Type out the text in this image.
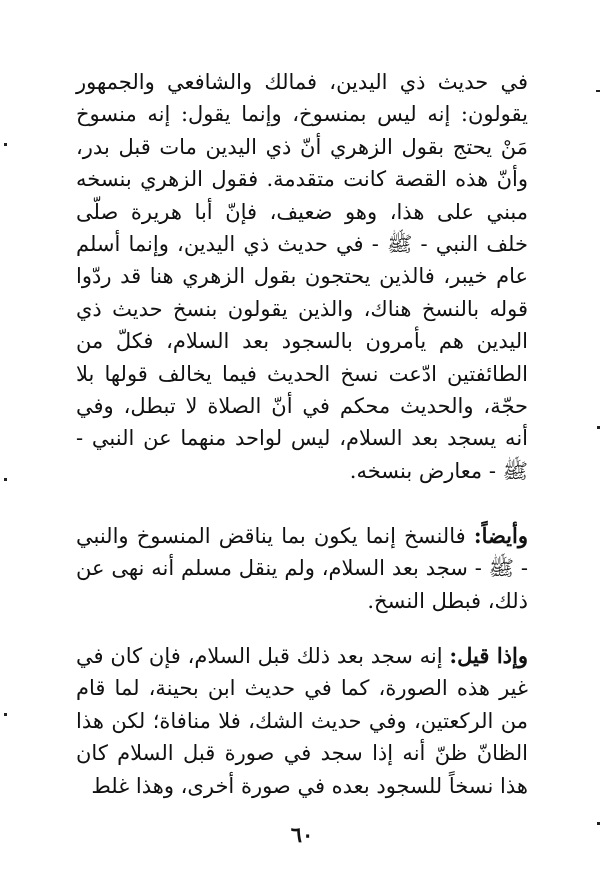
في حديث ذي اليدين، فمالك والشافعي والجمهور يقولون: إنه ليس بمنسوخ، وإنما يقول: إنه منسوخ مَنْ يحتج بقول الزهري أنّ ذي اليدين مات قبل بدر، وأنّ هذه القصة كانت متقدمة. فقول الزهري بنسخه مبني على هذا، وهو ضعيف، فإنّ أبا هريرة صلّى خلف النبي - ﷺ - في حديث ذي اليدين، وإنما أسلم عام خيبر، فالذين يحتجون بقول الزهري هنا قد ردّوا قوله بالنسخ هناك، والذين يقولون بنسخ حديث ذي اليدين هم يأمرون بالسجود بعد السلام، فكلّ من الطائفتين ادّعت نسخ الحديث فيما يخالف قولها بلا حجّة، والحديث محكم في أنّ الصلاة لا تبطل، وفي أنه يسجد بعد السلام، ليس لواحد منهما عن النبي - ﷺ - معارض بنسخه.

وأيضاً: فالنسخ إنما يكون بما يناقض المنسوخ والنبي - ﷺ - سجد بعد السلام، ولم ينقل مسلم أنه نهى عن ذلك، فبطل النسخ.

وإذا قيل: إنه سجد بعد ذلك قبل السلام، فإن كان في غير هذه الصورة، كما في حديث ابن بحينة، لما قام من الركعتين، وفي حديث الشك، فلا منافاة؛ لكن هذا الظانّ ظنّ أنه إذا سجد في صورة قبل السلام كان هذا نسخاً للسجود بعده في صورة أخرى، وهذا غلط

٦٠
